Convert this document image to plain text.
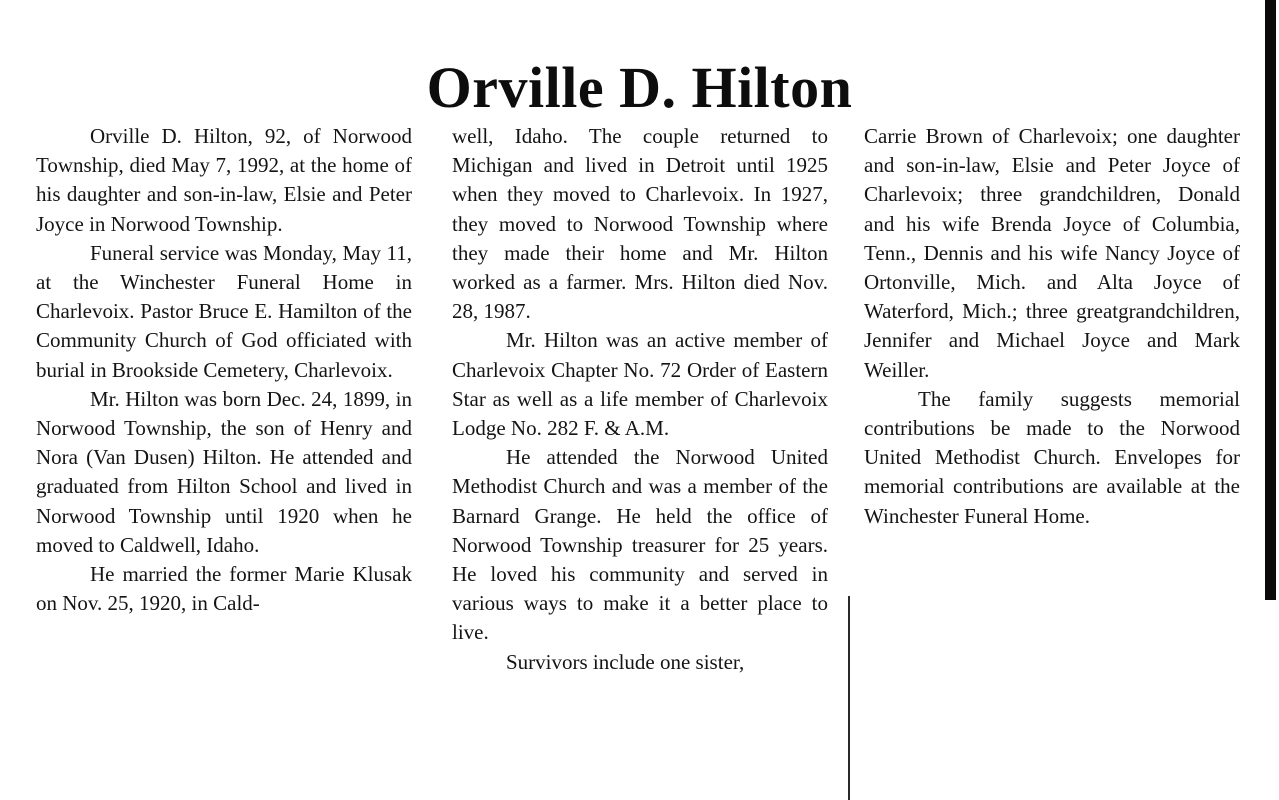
Orville D. Hilton

Orville D. Hilton, 92, of Norwood Township, died May 7, 1992, at the home of his daughter and son-in-law, Elsie and Peter Joyce in Norwood Township.

Funeral service was Monday, May 11, at the Winchester Funeral Home in Charlevoix. Pastor Bruce E. Hamilton of the Community Church of God officiated with burial in Brookside Cemetery, Charlevoix.

Mr. Hilton was born Dec. 24, 1899, in Norwood Township, the son of Henry and Nora (Van Dusen) Hilton. He attended and graduated from Hilton School and lived in Norwood Township until 1920 when he moved to Caldwell, Idaho.

He married the former Marie Klusak on Nov. 25, 1920, in Cald-

well, Idaho. The couple returned to Michigan and lived in Detroit until 1925 when they moved to Charlevoix. In 1927, they moved to Norwood Township where they made their home and Mr. Hilton worked as a farmer. Mrs. Hilton died Nov. 28, 1987.

Mr. Hilton was an active member of Charlevoix Chapter No. 72 Order of Eastern Star as well as a life member of Charlevoix Lodge No. 282 F. & A.M.

He attended the Norwood United Methodist Church and was a member of the Barnard Grange. He held the office of Norwood Township treasurer for 25 years. He loved his community and served in various ways to make it a better place to live.

Survivors include one sister,

Carrie Brown of Charlevoix; one daughter and son-in-law, Elsie and Peter Joyce of Charlevoix; three grandchildren, Donald and his wife Brenda Joyce of Columbia, Tenn., Dennis and his wife Nancy Joyce of Ortonville, Mich. and Alta Joyce of Waterford, Mich.; three greatgrandchildren, Jennifer and Michael Joyce and Mark Weiller.

The family suggests memorial contributions be made to the Norwood United Methodist Church. Envelopes for memorial contributions are available at the Winchester Funeral Home.
